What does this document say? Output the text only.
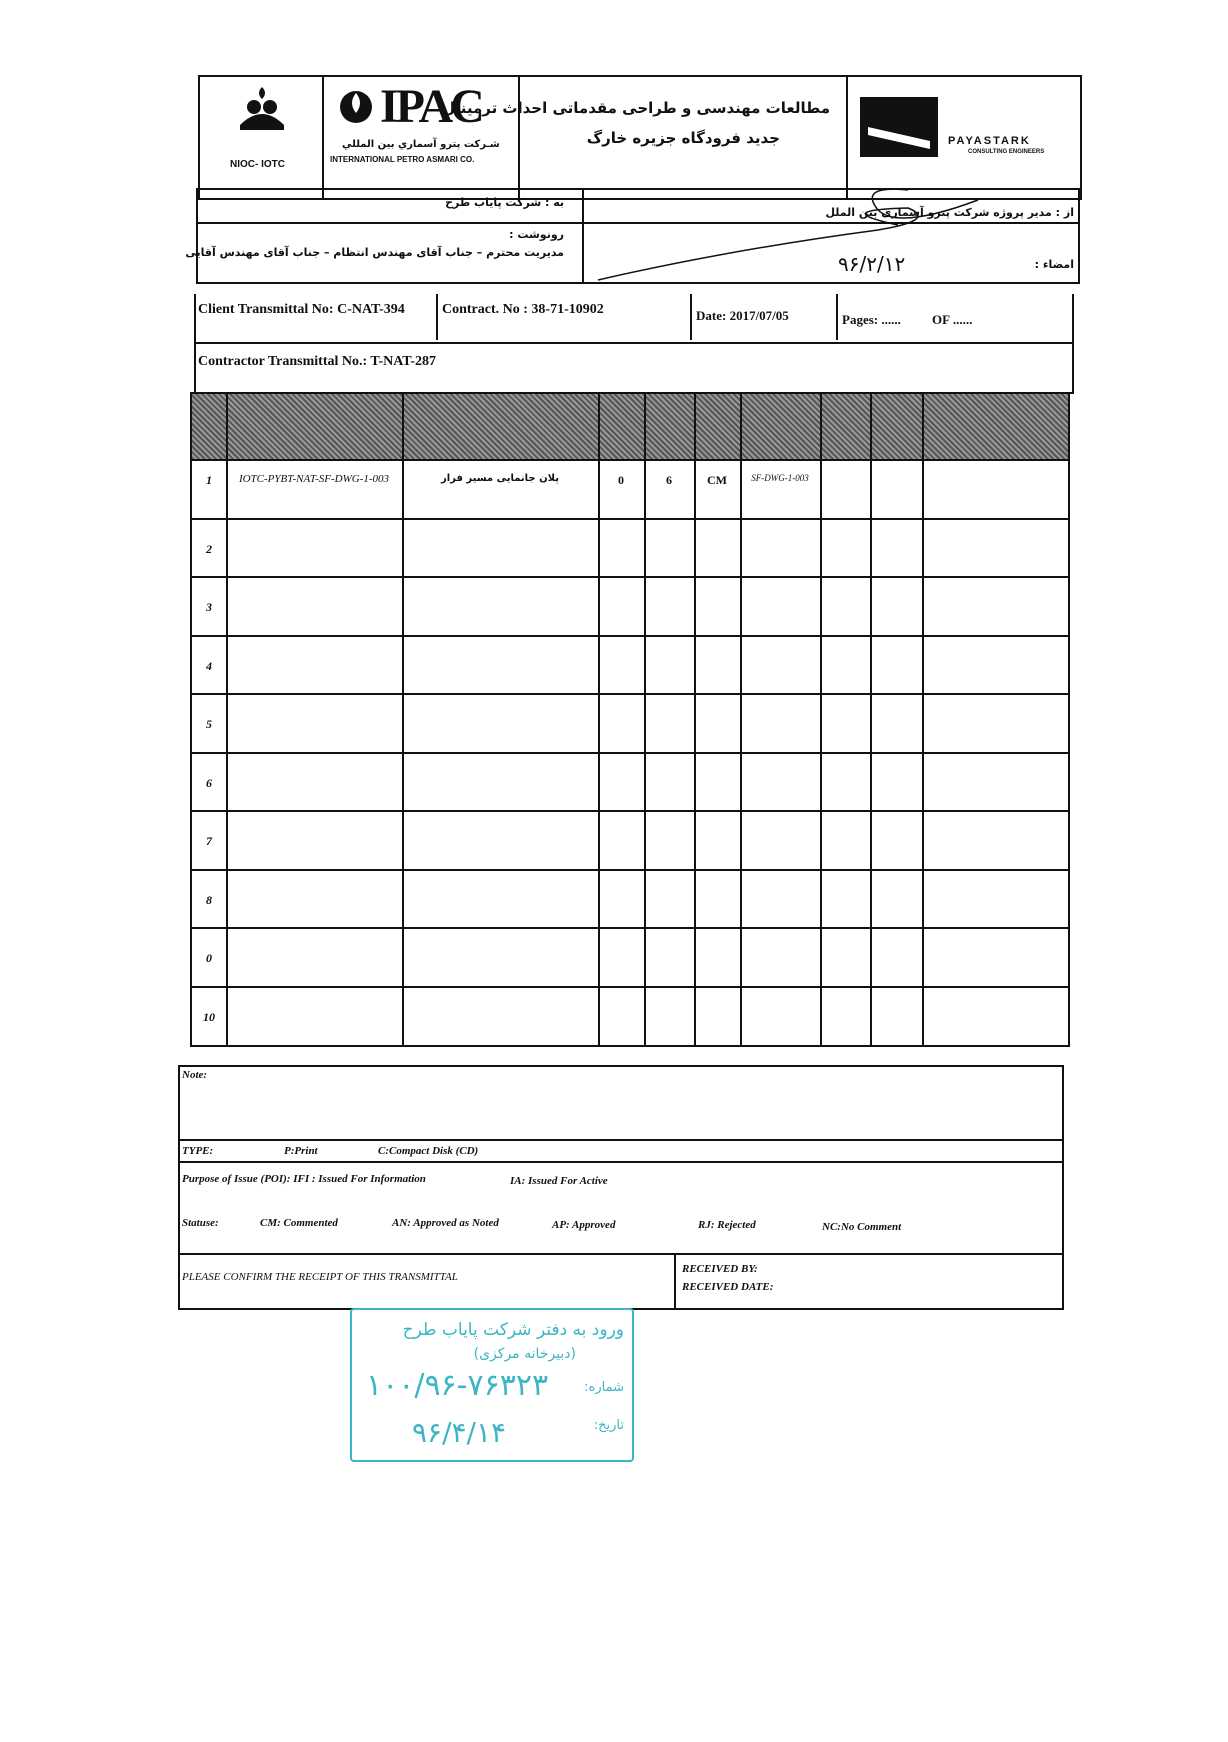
NIOC- IOTC
IPAC
شـركت پترو آسماري بين المللي
INTERNATIONAL PETRO ASMARI CO.
مطالعات مهندسی و طراحی مقدماتی احداث ترمینال
جدید فرودگاه جزیره خارگ	PAYASTARK
CONSULTING ENGINEERS
به : شرکت پایاب طرح
از : مدیر پروژه شرکت پترو آسماری بین الملل
رونوشت :
مدیریت محترم – جناب آقای مهندس انتظام – جناب آقای مهندس آقایی
امضاء :
۹۶/۲/۱۲
Client Transmittal No: C-NAT-394	Contract. No : 38-71-10902	Date: 2017/07/05	Pages: ...... OF ......
Contractor Transmittal No.: T-NAT-287
1	IOTC-PYBT-NAT-SF-DWG-1-003	پلان جانمایی مسیر فرار	0	6	CM	SF-DWG-1-003
2
3
4
5
6
7
8
0
10
Note:
TYPE:	P:Print	C:Compact Disk (CD)
Purpose of Issue (POI): IFI : Issued For Information	IA: Issued For Active
Statuse:	CM: Commented	AN: Approved as Noted	AP: Approved	RJ: Rejected	NC:No Comment
PLEASE CONFIRM THE RECEIPT OF THIS TRANSMITTAL
RECEIVED BY:
RECEIVED DATE:
ورود به دفتر شرکت پایاب طرح
(دبیرخانه مرکزی)
شماره:
۱۰۰/۹۶-۷۶۳۲۳
تاریخ:
۹۶/۴/۱۴
